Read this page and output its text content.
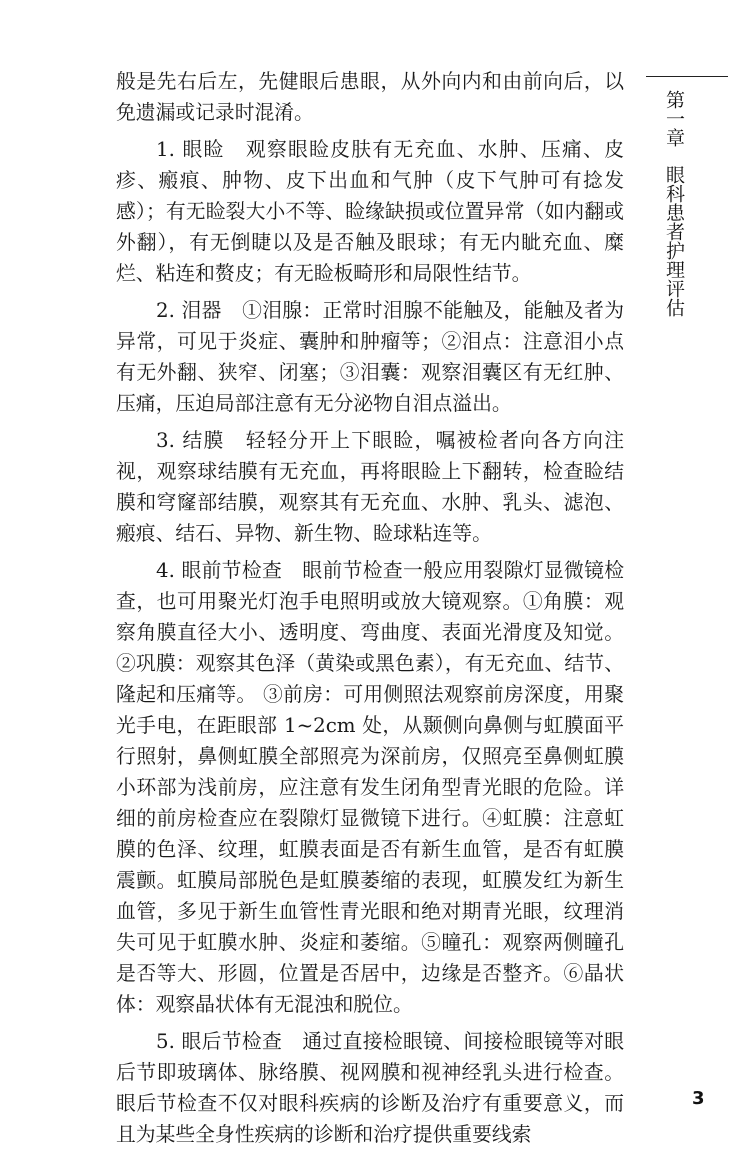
般是先右后左，先健眼后患眼，从外向内和由前向后，以免遗漏或记录时混淆。

1. 眼睑 观察眼睑皮肤有无充血、水肿、压痛、皮疹、瘢痕、肿物、皮下出血和气肿（皮下气肿可有捻发感）；有无睑裂大小不等、睑缘缺损或位置异常（如内翻或外翻），有无倒睫以及是否触及眼球；有无内眦充血、糜烂、粘连和赘皮；有无睑板畸形和局限性结节。

2. 泪器 ①泪腺：正常时泪腺不能触及，能触及者为异常，可见于炎症、囊肿和肿瘤等；②泪点：注意泪小点有无外翻、狭窄、闭塞；③泪囊：观察泪囊区有无红肿、压痛，压迫局部注意有无分泌物自泪点溢出。

3. 结膜 轻轻分开上下眼睑，嘱被检者向各方向注视，观察球结膜有无充血，再将眼睑上下翻转，检查睑结膜和穹窿部结膜，观察其有无充血、水肿、乳头、滤泡、瘢痕、结石、异物、新生物、睑球粘连等。

4. 眼前节检查 眼前节检查一般应用裂隙灯显微镜检查，也可用聚光灯泡手电照明或放大镜观察。①角膜：观察角膜直径大小、透明度、弯曲度、表面光滑度及知觉。②巩膜：观察其色泽（黄染或黑色素），有无充血、结节、隆起和压痛等。 ③前房：可用侧照法观察前房深度，用聚光手电，在距眼部 1~2cm 处，从颞侧向鼻侧与虹膜面平行照射，鼻侧虹膜全部照亮为深前房，仅照亮至鼻侧虹膜小环部为浅前房，应注意有发生闭角型青光眼的危险。详细的前房检查应在裂隙灯显微镜下进行。④虹膜：注意虹膜的色泽、纹理，虹膜表面是否有新生血管，是否有虹膜震颤。虹膜局部脱色是虹膜萎缩的表现，虹膜发红为新生血管，多见于新生血管性青光眼和绝对期青光眼，纹理消失可见于虹膜水肿、炎症和萎缩。⑤瞳孔：观察两侧瞳孔是否等大、形圆，位置是否居中，边缘是否整齐。⑥晶状体：观察晶状体有无混浊和脱位。

5. 眼后节检查 通过直接检眼镜、间接检眼镜等对眼后节即玻璃体、脉络膜、视网膜和视神经乳头进行检查。眼后节检查不仅对眼科疾病的诊断及治疗有重要意义，而且为某些全身性疾病的诊断和治疗提供重要线索

第一章眼科患者护理评估
3
